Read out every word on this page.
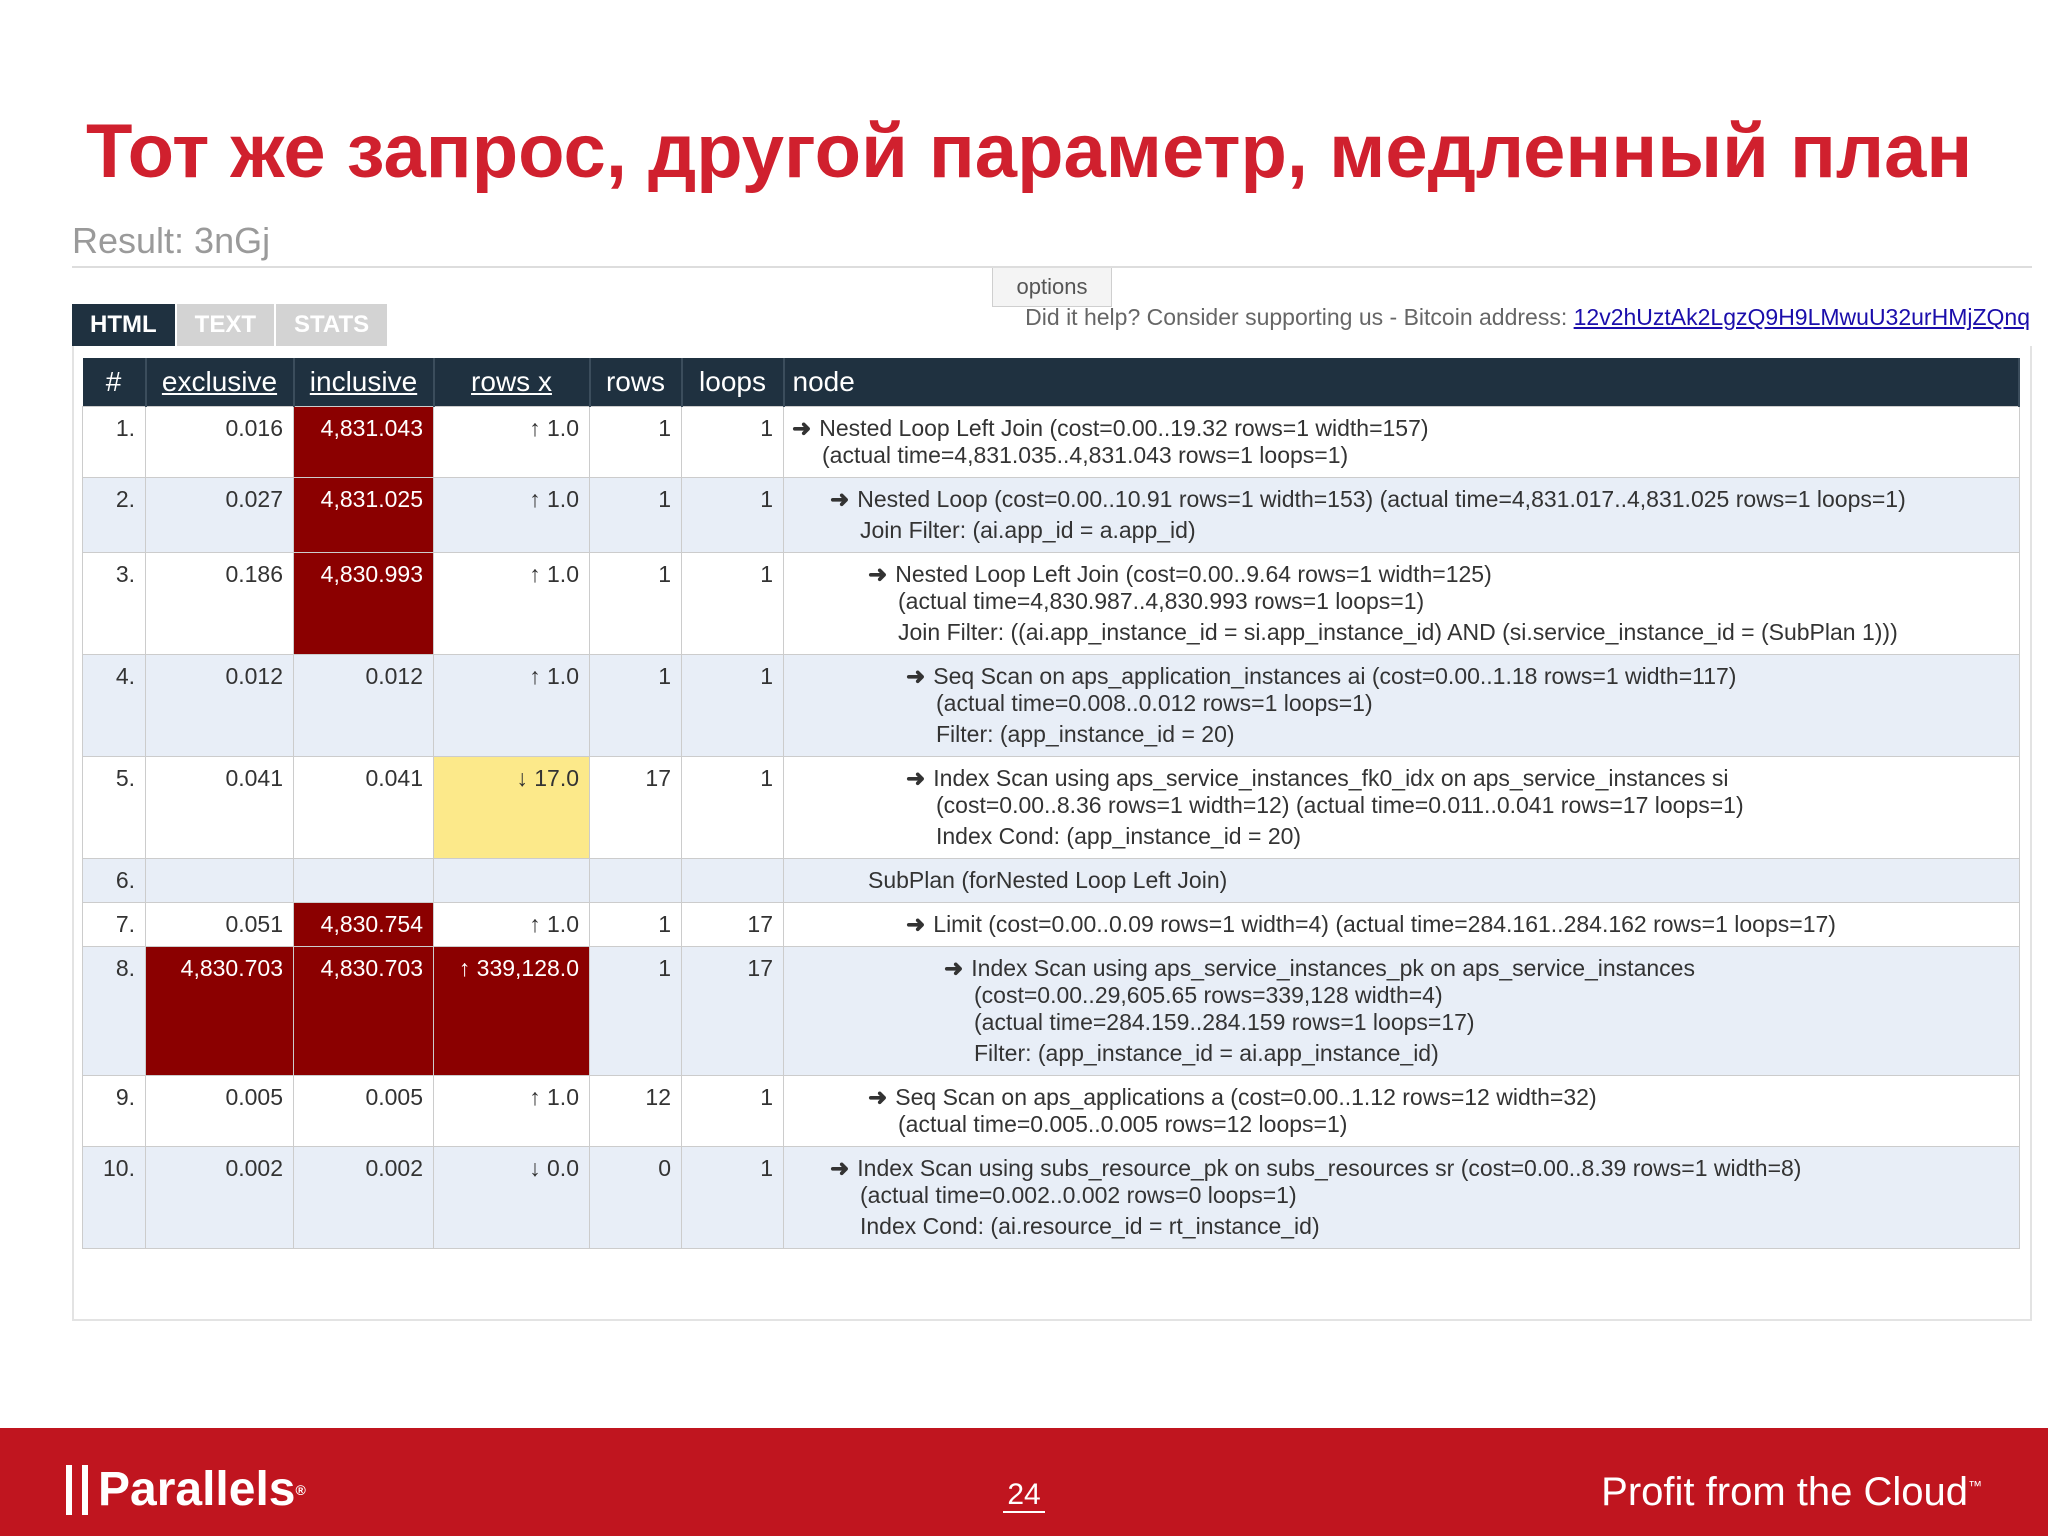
Тот же запрос, другой параметр, медленный план
Result: 3nGj
options
HTML	TEXT	STATS	Did it help? Consider supporting us - Bitcoin address: 12v2hUztAk2LgzQ9H9LMwuU32urHMjZQnq
#	exclusive	inclusive	rows x	rows	loops	node
1.	0.016	4,831.043	↑ 1.0	1	1	➜ Nested Loop Left Join (cost=0.00..19.32 rows=1 width=157)
(actual time=4,831.035..4,831.043 rows=1 loops=1)

2.	0.027	4,831.025	↑ 1.0	1	1	➜ Nested Loop (cost=0.00..10.91 rows=1 width=153) (actual time=4,831.017..4,831.025 rows=1 loops=1)
Join Filter: (ai.app_id = a.app_id)

3.	0.186	4,830.993	↑ 1.0	1	1	➜ Nested Loop Left Join (cost=0.00..9.64 rows=1 width=125)
(actual time=4,830.987..4,830.993 rows=1 loops=1)
Join Filter: ((ai.app_instance_id = si.app_instance_id) AND (si.service_instance_id = (SubPlan 1)))

4.	0.012	0.012	↑ 1.0	1	1	➜ Seq Scan on aps_application_instances ai (cost=0.00..1.18 rows=1 width=117)
(actual time=0.008..0.012 rows=1 loops=1)
Filter: (app_instance_id = 20)

5.	0.041	0.041	↓ 17.0	17	1	➜ Index Scan using aps_service_instances_fk0_idx on aps_service_instances si
(cost=0.00..8.36 rows=1 width=12) (actual time=0.011..0.041 rows=17 loops=1)
Index Cond: (app_instance_id = 20)

6.						SubPlan (forNested Loop Left Join)

7.	0.051	4,830.754	↑ 1.0	1	17	➜ Limit (cost=0.00..0.09 rows=1 width=4) (actual time=284.161..284.162 rows=1 loops=17)

8.	4,830.703	4,830.703	↑ 339,128.0	1	17	➜ Index Scan using aps_service_instances_pk on aps_service_instances
(cost=0.00..29,605.65 rows=339,128 width=4)
(actual time=284.159..284.159 rows=1 loops=17)
Filter: (app_instance_id = ai.app_instance_id)

9.	0.005	0.005	↑ 1.0	12	1	➜ Seq Scan on aps_applications a (cost=0.00..1.12 rows=12 width=32)
(actual time=0.005..0.005 rows=12 loops=1)

10.	0.002	0.002	↓ 0.0	0	1	➜ Index Scan using subs_resource_pk on subs_resources sr (cost=0.00..8.39 rows=1 width=8)
(actual time=0.002..0.002 rows=0 loops=1)
Index Cond: (ai.resource_id = rt_instance_id)
Parallels ®	24	Profit from the Cloud™
